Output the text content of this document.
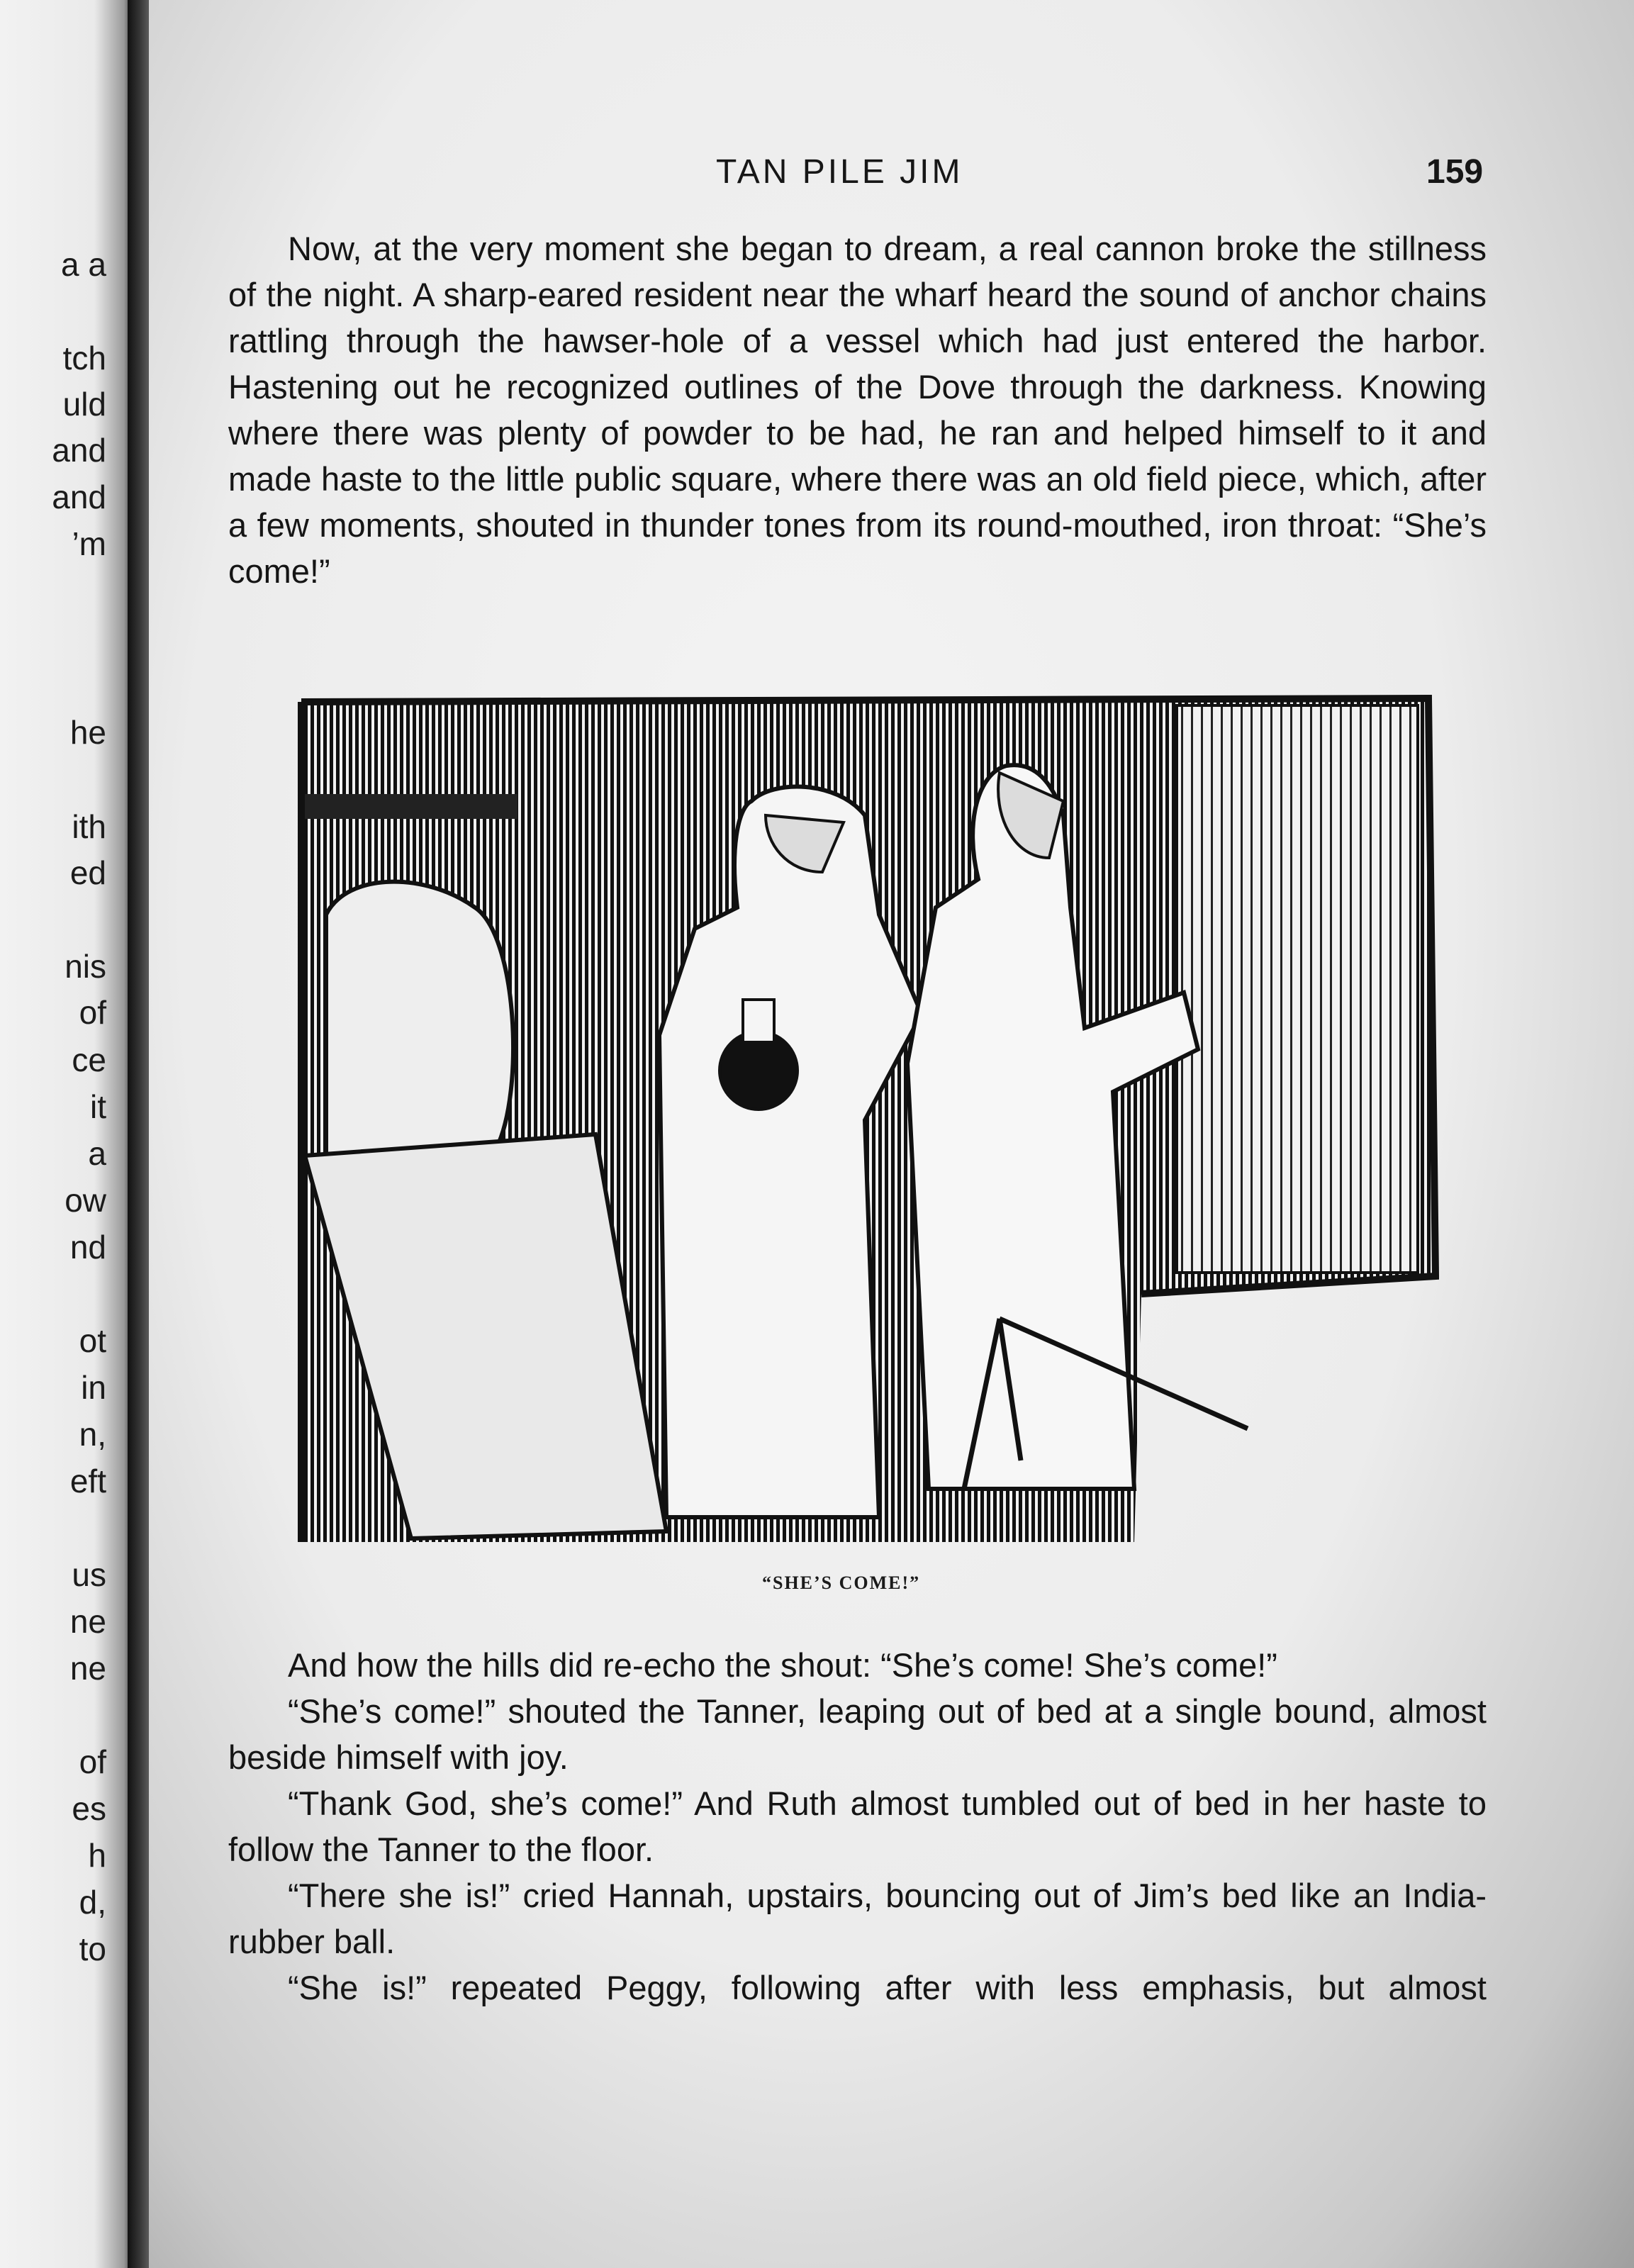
a a
tch
uld
and
and
’m
he
ith
ed
nis
of
ce
it
a
ow
nd
ot
in
n,
eft
us
ne
ne
of
es
h
d,
to
TAN PILE JIM	159

Now, at the very moment she began to dream, a real cannon broke the stillness of the night. A sharp-eared resident near the wharf heard the sound of anchor chains rattling through the hawser-hole of a vessel which had just entered the harbor. Hastening out he recognized outlines of the Dove through the darkness. Knowing where there was plenty of powder to be had, he ran and helped himself to it and made haste to the little public square, where there was an old field piece, which, after a few moments, shouted in thunder tones from its round-mouthed, iron throat: “She’s come!”

“SHE’S COME!”

And how the hills did re-echo the shout: “She’s come! She’s come!”

“She’s come!” shouted the Tanner, leaping out of bed at a single bound, almost beside himself with joy.

“Thank God, she’s come!” And Ruth almost tumbled out of bed in her haste to follow the Tanner to the floor.

“There she is!” cried Hannah, upstairs, bouncing out of Jim’s bed like an India-rubber ball.

“She is!” repeated Peggy, following after with less emphasis, but almost
